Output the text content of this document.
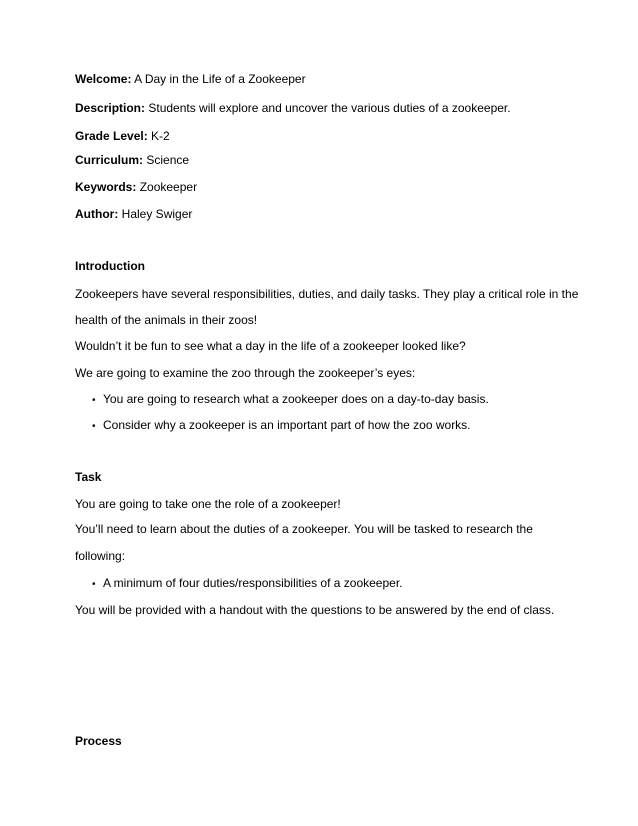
Welcome: A Day in the Life of a Zookeeper
Description: Students will explore and uncover the various duties of a zookeeper.
Grade Level: K-2
Curriculum: Science
Keywords: Zookeeper
Author: Haley Swiger
Introduction
Zookeepers have several responsibilities, duties, and daily tasks. They play a critical role in the
health of the animals in their zoos!
Wouldn’t it be fun to see what a day in the life of a zookeeper looked like?
We are going to examine the zoo through the zookeeper’s eyes:
• You are going to research what a zookeeper does on a day-to-day basis.
• Consider why a zookeeper is an important part of how the zoo works.
Task
You are going to take one the role of a zookeeper!
You’ll need to learn about the duties of a zookeeper. You will be tasked to research the
following:
• A minimum of four duties/responsibilities of a zookeeper.
You will be provided with a handout with the questions to be answered by the end of class.
Process
